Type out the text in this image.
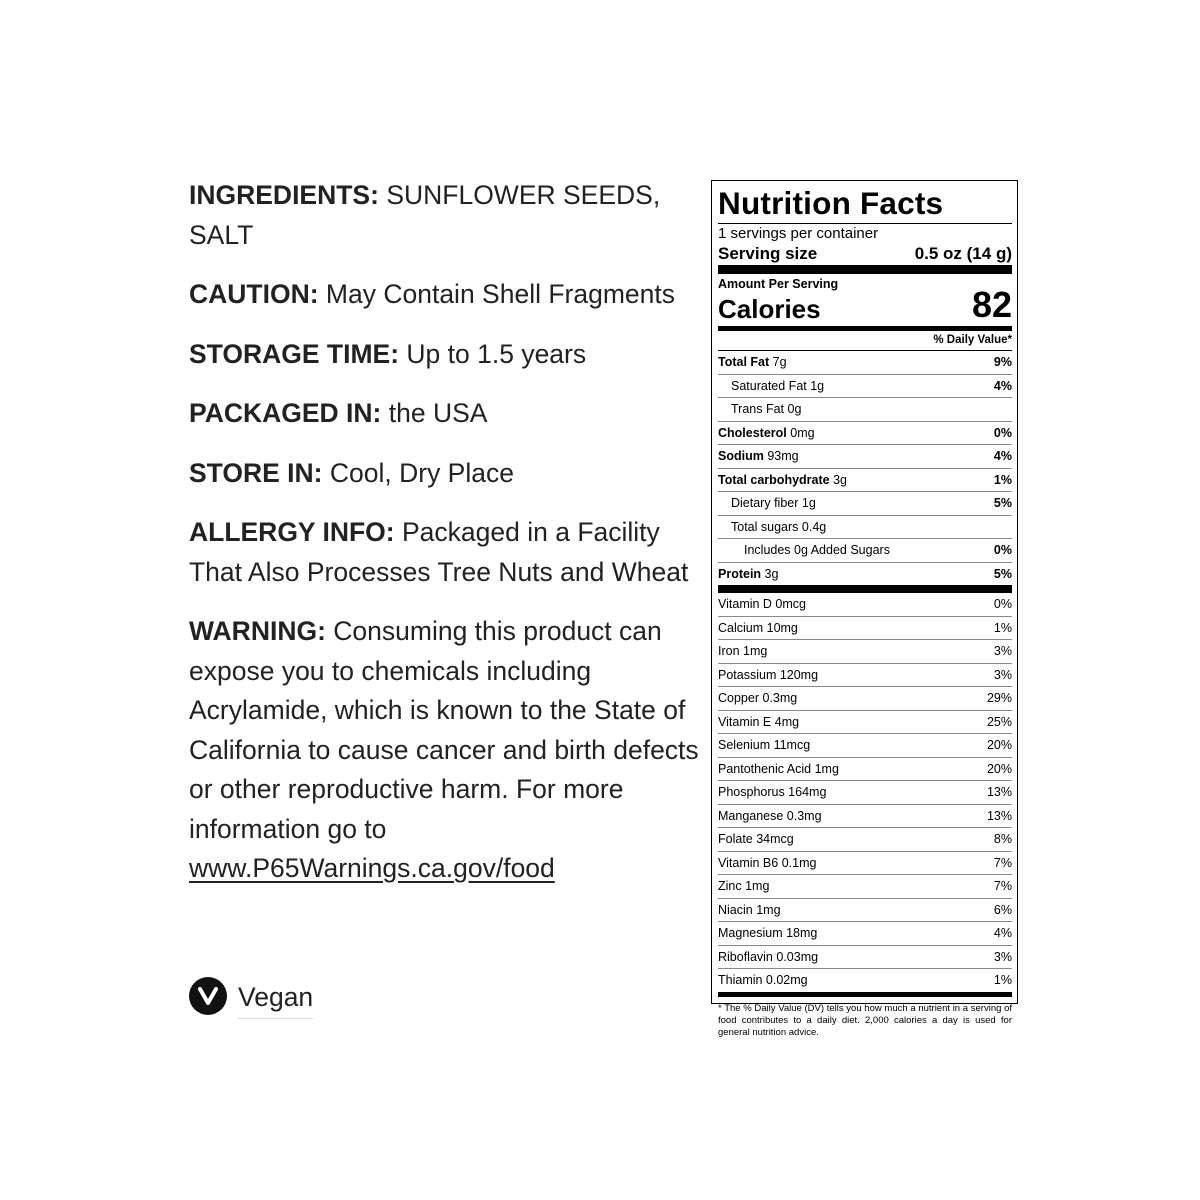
INGREDIENTS: SUNFLOWER SEEDS, SALT
CAUTION: May Contain Shell Fragments
STORAGE TIME: Up to 1.5 years
PACKAGED IN: the USA
STORE IN: Cool, Dry Place
ALLERGY INFO: Packaged in a Facility That Also Processes Tree Nuts and Wheat
WARNING: Consuming this product can expose you to chemicals including Acrylamide, which is known to the State of California to cause cancer and birth defects or other reproductive harm. For more information go to www.P65Warnings.ca.gov/food
Vegan
Nutrition Facts
1 servings per container
Serving size	0.5 oz (14 g)
Amount Per Serving
Calories	82
% Daily Value*
Total Fat 7g	9%
Saturated Fat 1g	4%
Trans Fat 0g
Cholesterol 0mg	0%
Sodium 93mg	4%
Total carbohydrate 3g	1%
Dietary fiber 1g	5%
Total sugars 0.4g
Includes 0g Added Sugars	0%
Protein 3g	5%
Vitamin D 0mcg	0%
Calcium 10mg	1%
Iron 1mg	3%
Potassium 120mg	3%
Copper 0.3mg	29%
Vitamin E 4mg	25%
Selenium 11mcg	20%
Pantothenic Acid 1mg	20%
Phosphorus 164mg	13%
Manganese 0.3mg	13%
Folate 34mcg	8%
Vitamin B6 0.1mg	7%
Zinc 1mg	7%
Niacin 1mg	6%
Magnesium 18mg	4%
Riboflavin 0.03mg	3%
Thiamin 0.02mg	1%
* The % Daily Value (DV) tells you how much a nutrient in a serving of food contributes to a daily diet. 2,000 calories a day is used for general nutrition advice.
